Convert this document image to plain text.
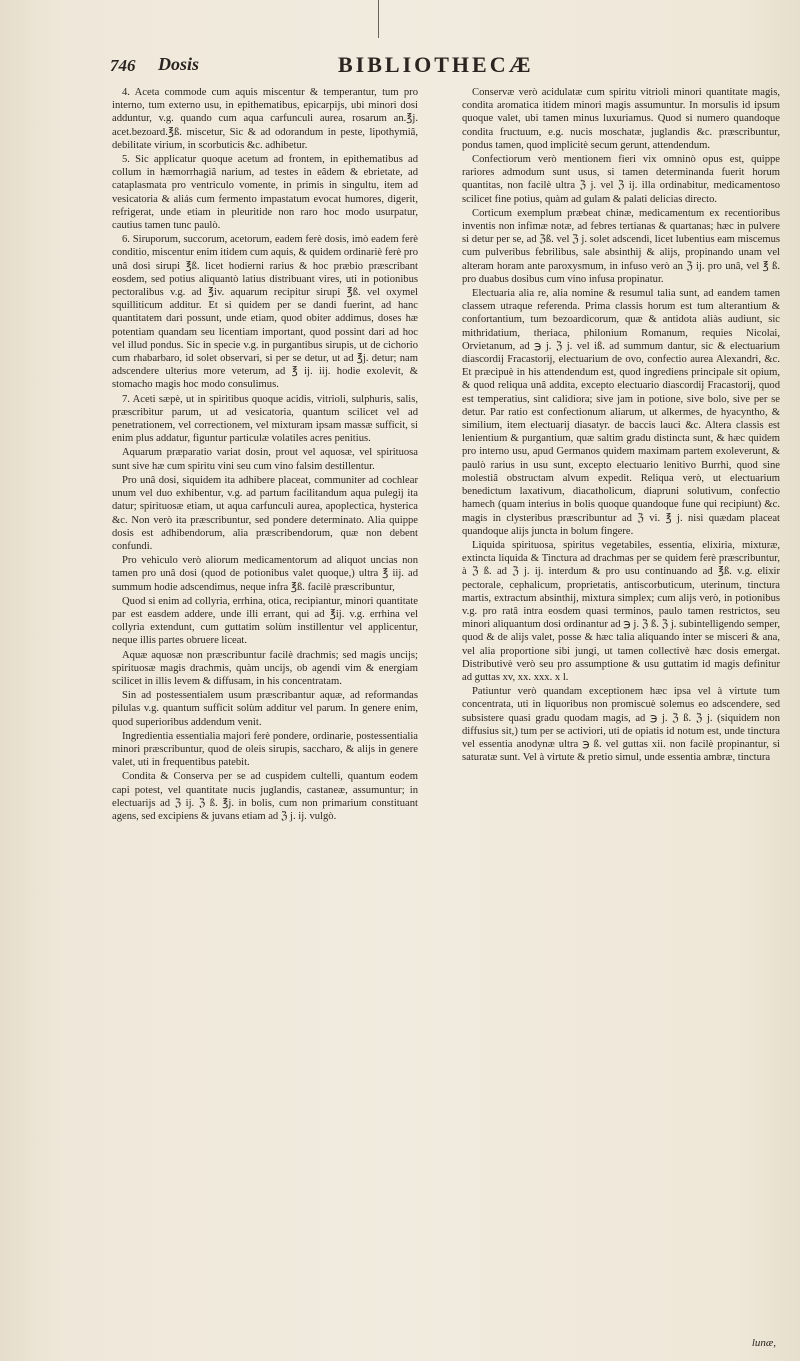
746 Dosis	BIBLIOTHECÆ

4. Aceta commode cum aquis miscentur & temperantur, tum pro interno, tum externo usu, in epithematibus, epicarpijs, ubi minori dosi adduntur, v.g. quando cum aqua carfunculi aurea, rosarum an.℥j. acet.bezoard.℥ß. miscetur, Sic & ad odorandum in peste, lipothymiâ, debilitate virium, in scorbuticis &c. adhibetur.

5. Sic applicatur quoque acetum ad frontem, in epithematibus ad collum in hæmorrhagiâ narium, ad testes in eâdem & ebrietate, ad cataplasmata pro ventriculo vomente, in primis in singultu, item ad vesicatoria & aliás cum fermento impastatum evocat humores, digerit, refrigerat, unde etiam in pleuritide non raro hoc modo usurpatur, cautius tamen tunc paulò.

6. Siruporum, succorum, acetorum, eadem ferè dosis, imò eadem ferè conditio, miscentur enim itidem cum aquis, & quidem ordinariè ferè pro unâ dosi sirupi ℥ß. licet hodierni rarius & hoc præbio præscribant eosdem, sed potius aliquantò latius distribuant vires, uti in potionibus pectoralibus v.g. ad ℥iv. aquarum recipitur sirupi ℥ß. vel oxymel squilliticum additur. Et si quidem per se dandi fuerint, ad hanc quantitatem dari possunt, unde etiam, quod obiter addimus, doses hæ potentiam quandam seu licentiam important, quod possint dari ad hoc vel illud pondus. Sic in specie v.g. in purgantibus sirupis, ut de cichorio cum rhabarbaro, id solet observari, si per se detur, ut ad ℥j. detur; nam adscendere ulterius more veterum, ad ℥ ij. iij. hodie exolevit, & stomacho magis hoc modo consulimus.

7. Aceti sæpè, ut in spiritibus quoque acidis, vitrioli, sulphuris, salis, præscribitur parum, ut ad vesicatoria, quantum scilicet vel ad penetrationem, vel correctionem, vel mixturam ipsam massæ sufficit, si enim plus addatur, figuntur particulæ volatiles acres penitius.

Aquarum præparatio variat dosin, prout vel aquosæ, vel spirituosa sunt sive hæ cum spiritu vini seu cum vino falsim destillentur.

Pro unâ dosi, siquidem ita adhibere placeat, communiter ad cochlear unum vel duo exhibentur, v.g. ad partum facilitandum aqua pulegij ita datur; spirituosæ etiam, ut aqua carfunculi aurea, apoplectica, hysterica &c. Non verò ita præscribuntur, sed pondere determinato. Alia quippe dosis est adhibendorum, alia præscribendorum, quæ non debent confundi.

Pro vehiculo verò aliorum medicamentorum ad aliquot uncias non tamen pro unâ dosi (quod de potionibus valet quoque,) ultra ℥ iij. ad summum hodie adscendimus, neque infra ℥ß. facilè præscribuntur,

Quod si enim ad collyria, errhina, otica, recipiantur, minori quantitate par est easdem addere, unde illi errant, qui ad ℥ij. v.g. errhina vel collyria extendunt, cum guttatim solùm instillentur vel applicentur, neque illis partes obruere liceat.

Aquæ aquosæ non præscribuntur facilè drachmis; sed magis uncijs; spirituosæ magis drachmis, quàm uncijs, ob agendi vim & energiam scilicet in illis levem & diffusam, in his concentratam.

Sin ad postessentialem usum præscribantur aquæ, ad reformandas pilulas v.g. quantum sufficit solùm additur vel parum. In genere enim, quod superioribus addendum venit.

Ingredientia essentialia majori ferè pondere, ordinarie, postessentialia minori præscribuntur, quod de oleis sirupis, saccharo, & alijs in genere valet, uti in frequentibus patebit.

Condita & Conserva per se ad cuspidem cultelli, quantum eodem capi potest, vel quantitate nucis juglandis, castaneæ, assumuntur; in electuarijs ad ℨ ij. ℨ ß. ℥j. in bolis, cum non primarium constituant agens, sed excipiens & juvans etiam ad ℨ j. ij. vulgò.

Conservæ verò acidulatæ cum spiritu vitrioli minori quantitate magis, condita aromatica itidem minori magis assumuntur. In morsulis id ipsum quoque valet, ubi tamen minus luxuriamus. Quod si numero quandoque condita fructuum, e.g. nucis moschatæ, juglandis &c. præscribuntur, pondus tamen, quod implicitè secum gerunt, attendendum.

Confectiorum verò mentionem fieri vix omninò opus est, quippe rariores admodum sunt usus, si tamen determinanda fuerit horum quantitas, non facilè ultra ℨ j. vel ℨ ij. illa ordinabitur, medicamentoso scilicet fine potius, quàm ad gulam & palati delicias directo.

Corticum exemplum præbeat chinæ, medicamentum ex recentioribus inventis non infimæ notæ, ad febres tertianas & quartanas; hæc in pulvere si detur per se, ad ℨß. vel ℨ j. solet adscendi, licet lubentius eam miscemus cum pulveribus febrilibus, sale absinthij & alijs, propinando unam vel alteram horam ante paroxysmum, in infuso verò an ℨ ij. pro unâ, vel ℥ ß. pro duabus dosibus cum vino infusa propinatur.

Electuaria alia re, alia nomine & resumul talia sunt, ad eandem tamen classem utraque referenda. Prima classis horum est tum alterantium & confortantium, tum bezoardicorum, quæ & antidota aliàs audiunt, sic mithridatium, theriaca, philonium Romanum, requies Nicolai, Orvietanum, ad ℈ j. ℨ j. vel iß. ad summum dantur, sic & electuarium diascordij Fracastorij, electuarium de ovo, confectio aurea Alexandri, &c. Et præcipuè in his attendendum est, quod ingrediens principale sit opium, & quod reliqua unâ addita, excepto electuario diascordij Fracastorij, quod est temperatius, sint calidiora; sive jam in potione, sive bolo, sive per se detur. Par ratio est confectionum aliarum, ut alkermes, de hyacyntho, & similium, item electuarij diasatyr. de baccis lauci &c. Altera classis est lenientium & purgantium, quæ saltim gradu distincta sunt, & hæc quidem pro interno usu, apud Germanos quidem maximam partem exoleverunt, & paulò rarius in usu sunt, excepto electuario lenitivo Burrhi, quod sine molestiâ obstructam alvum expedit. Reliqua verò, ut electuarium benedictum laxativum, diacatholicum, diapruni solutivum, confectio hamech (quam interius in bolis quoque quandoque fune qui recipiunt) &c. magis in clysteribus præscribuntur ad ℨ vi. ℥ j. nisi quædam placeat quandoque alijs juncta in bolum fingere.

Liquida spirituosa, spiritus vegetabiles, essentia, elixiria, mixturæ, extincta liquida & Tinctura ad drachmas per se quidem ferè præscribuntur, à ℨ ß. ad ℨ j. ij. interdum & pro usu continuando ad ℥ß. v.g. elixir pectorale, cephalicum, proprietatis, antiscorbuticum, uterinum, tinctura martis, extractum absinthij, mixtura simplex; cum alijs verò, in potionibus v.g. pro ratâ intra eosdem quasi terminos, paulo tamen restrictos, seu minori aliquantum dosi ordinantur ad ℈ j. ℨ ß. ℨ j. subintelligendo semper, quod & de alijs valet, posse & hæc talia aliquando inter se misceri & ana, vel alia proportione sibi jungi, ut tamen collectivè hæc dosis emergat. Distributivè verò seu pro assumptione & usu guttatim id magis definitur ad guttas xv, xx. xxx. x l.

Patiuntur verò quandam exceptionem hæc ipsa vel à virtute tum concentrata, uti in liquoribus non promiscuè solemus eo adscendere, sed subsistere quasi gradu quodam magis, ad ℈ j. ℨ ß. ℨ j. (siquidem non diffusius sit,) tum per se activiori, uti de opiatis id notum est, unde tinctura vel essentia anodynæ ultra ℈ ß. vel guttas xii. non facilè propinantur, si saturatæ sunt. Vel à virtute & pretio simul, unde essentia ambræ, tinctura

lunæ,
